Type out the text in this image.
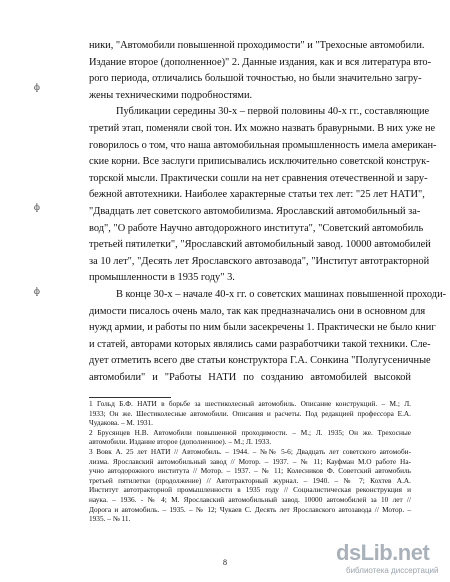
ники, "Автомобили повышенной проходимости" и "Трехосные автомобили.
Издание второе (дополненное)" 2. Данные издания, как и вся литература вто-
рого периода, отличались большой точностью, но были значительно загру-
жены техническими подробностями.
Публикации середины 30-х – первой половины 40-х гг., составляющие
третий этап, поменяли свой тон. Их можно назвать бравурными. В них уже не
говорилось о том, что наша автомобильная промышленность имела американ-
ские корни. Все заслуги приписывались исключительно советской конструк-
торской мысли. Практически сошли на нет сравнения отечественной и зару-
бежной автотехники. Наиболее характерные статьи тех лет: "25 лет НАТИ",
"Двадцать лет советского автомобилизма. Ярославский автомобильный за-
вод", "О работе Научно автодорожного института", "Советский автомобиль
третьей пятилетки", "Ярославский автомобильный завод. 10000 автомобилей
за 10 лет", "Десять лет Ярославского автозавода", "Институт автотракторной
промышленности в 1935 году" 3.
В конце 30-х – начале 40-х гг. о советских машинах повышенной проходи-
димости писалось очень мало, так как предназначались они в основном для
нужд армии, и работы по ним были засекречены 1. Практически не было книг
и статей, авторами которых являлись сами разработчики такой техники. Сле-
дует отметить всего две статьи конструктора Г.А. Сонкина "Полугусеничные
автомобили" и "Работы НАТИ по созданию автомобилей высокой
1 Гольд Б.Ф. НАТИ в борьбе за шестиколесный автомобиль. Описание конструкций. – М.; Л.
1933; Он же. Шестиколесные автомобили. Описания и расчеты. Под редакцией профессора Е.А.
Чудакова. – М. 1931.
2 Брусянцев Н.В. Автомобили повышенной проходимости. – М.; Л. 1935; Он же. Трехосные
автомобили. Издание второе (дополненное). – М.; Л. 1933.
3 Вовк А. 25 лет НАТИ // Автомобиль. – 1944. – №№ 5-6; Двадцать лет советского автомоби-
лизма. Ярославский автомобильный завод // Мотор. – 1937. – № 11; Кауфман М.О работе На-
учно автодорожного института // Мотор. – 1937. – № 11; Колесников Ф. Советский автомобиль
третьей пятилетки (продолжение) // Автотракторный журнал. – 1940. – № 7; Кохтев А.А.
Институт автотракторной промышленности в 1935 году // Социалистическая реконструкция и
наука. – 1936. - № 4; М. Ярославский автомобильный завод. 10000 автомобилей за 10 лет //
Дорога и автомобиль. – 1935. – № 12; Чукаев С. Десять лет Ярославского автозавода // Мотор. –
1935. – № 11.
8
ф
ф
ф
dsLib.net
библиотека диссертаций
